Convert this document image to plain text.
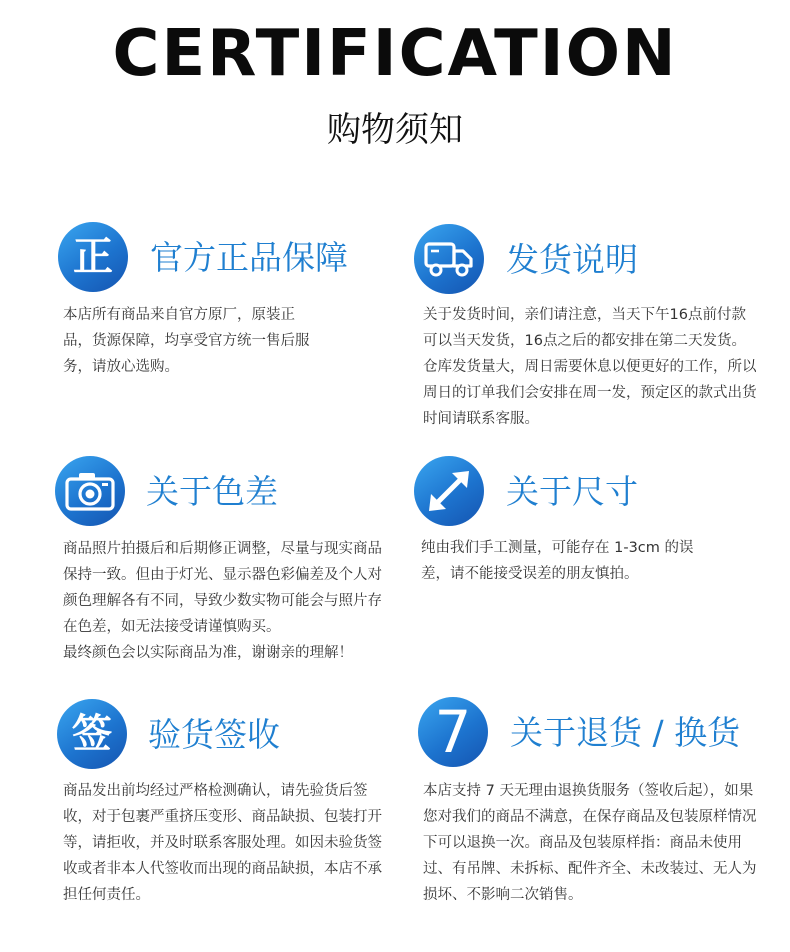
CERTIFICATION
购物须知
正 官方正品保障
本店所有商品来自官方原厂，原装正品，货源保障，均享受官方统一售后服务，请放心选购。
发货说明
关于发货时间，亲们请注意，当天下午16点前付款可以当天发货，16点之后的都安排在第二天发货。仓库发货量大，周日需要休息以便更好的工作，所以周日的订单我们会安排在周一发，预定区的款式出货时间请联系客服。
关于色差

商品照片拍摄后和后期修正调整，尽量与现实商品保持一致。但由于灯光、显示器色彩偏差及个人对颜色理解各有不同，导致少数实物可能会与照片存在色差，如无法接受请谨慎购买。

最终颜色会以实际商品为准，谢谢亲的理解！

关于尺寸
纯由我们手工测量，可能存在 1-3cm 的误差，请不能接受误差的朋友慎拍。
签 验货签收
商品发出前均经过严格检测确认，请先验货后签收，对于包裹严重挤压变形、商品缺损、包装打开等，请拒收，并及时联系客服处理。如因未验货签收或者非本人代签收而出现的商品缺损，本店不承担任何责任。
7 关于退货 / 换货
本店支持 7 天无理由退换货服务（签收后起），如果您对我们的商品不满意，在保存商品及包装原样情况下可以退换一次。商品及包装原样指：商品未使用过、有吊牌、未拆标、配件齐全、未改装过、无人为损坏、不影响二次销售。
